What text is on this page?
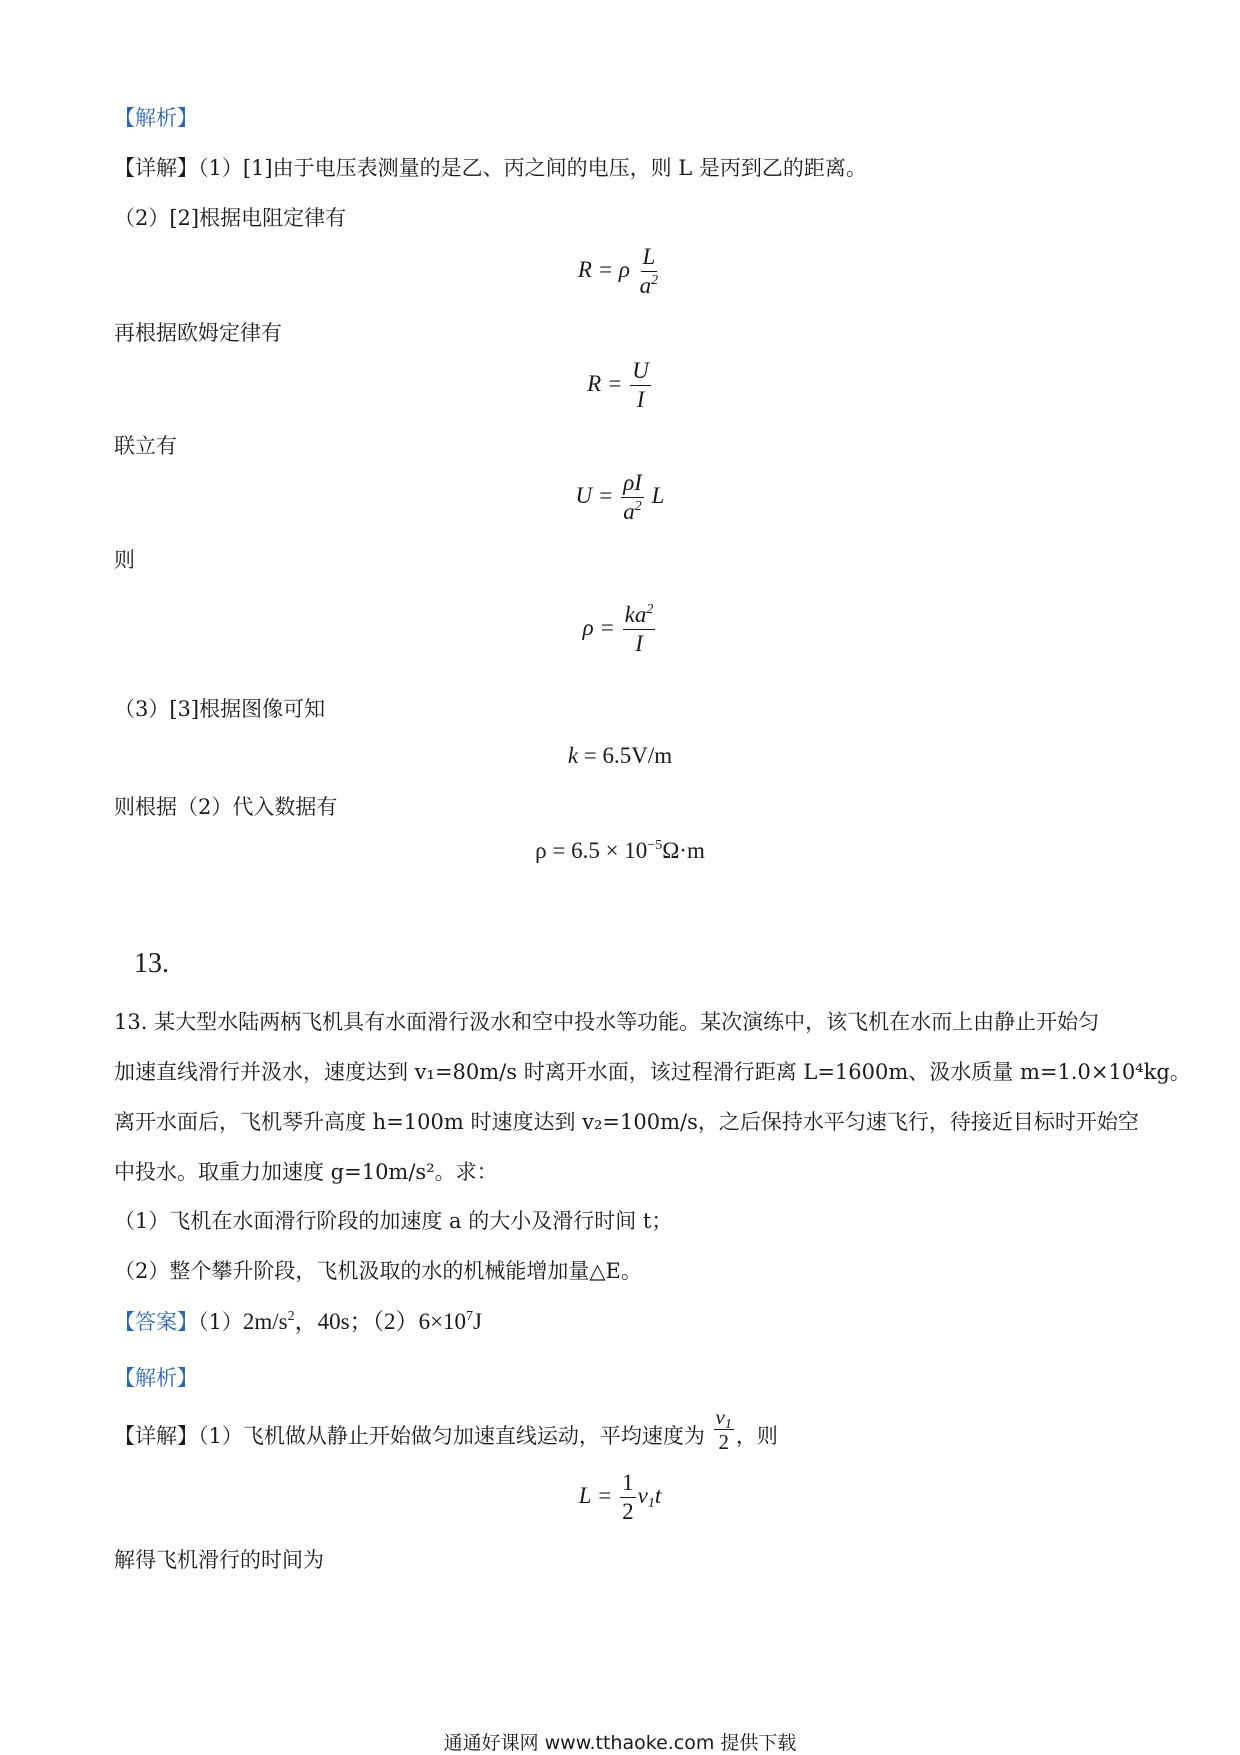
【解析】
【详解】（1）[1]由于电压表测量的是乙、丙之间的电压，则 L 是丙到乙的距离。
（2）[2]根据电阻定律有
R = ρ $\frac{L}{a^2}$
再根据欧姆定律有
$R = \frac{U}{I}$
联立有
$U = \frac{\rho I}{a^2}$ L
则
$\rho = \frac{ka^2}{I}$
（3）[3]根据图像可知
k = 6.5V/m
则根据（2）代入数据有
$\rho = 6.5 \times 10^{-5}\Omega\cdot m$
13.
13. 某大型水陆两柄飞机具有水面滑行汲水和空中投水等功能。某次演练中，该飞机在水而上由静止开始匀
加速直线滑行并汲水，速度达到 v₁=80m/s 时离开水面，该过程滑行距离 L=1600m、汲水质量 m=1.0×10⁴kg。
离开水面后，飞机琴升高度 h=100m 时速度达到 v₂=100m/s，之后保持水平匀速飞行，待接近目标时开始空
中投水。取重力加速度 g=10m/s²。求：
（1）飞机在水面滑行阶段的加速度 a 的大小及滑行时间 t；
（2）整个攀升阶段，飞机汲取的水的机械能增加量△E。
【答案】$(1)2m/s^2$，40s；$(2)6\times 10^7J$
【解析】
【详解】（1）飞机做从静止开始做匀加速直线运动，平均速度为 $\frac{v_1}{2}$ ，则
$L = \frac{1}{2} v_1t$
解得飞机滑行的时间为
通通好课网 www.tthaoke.com 提供下载
